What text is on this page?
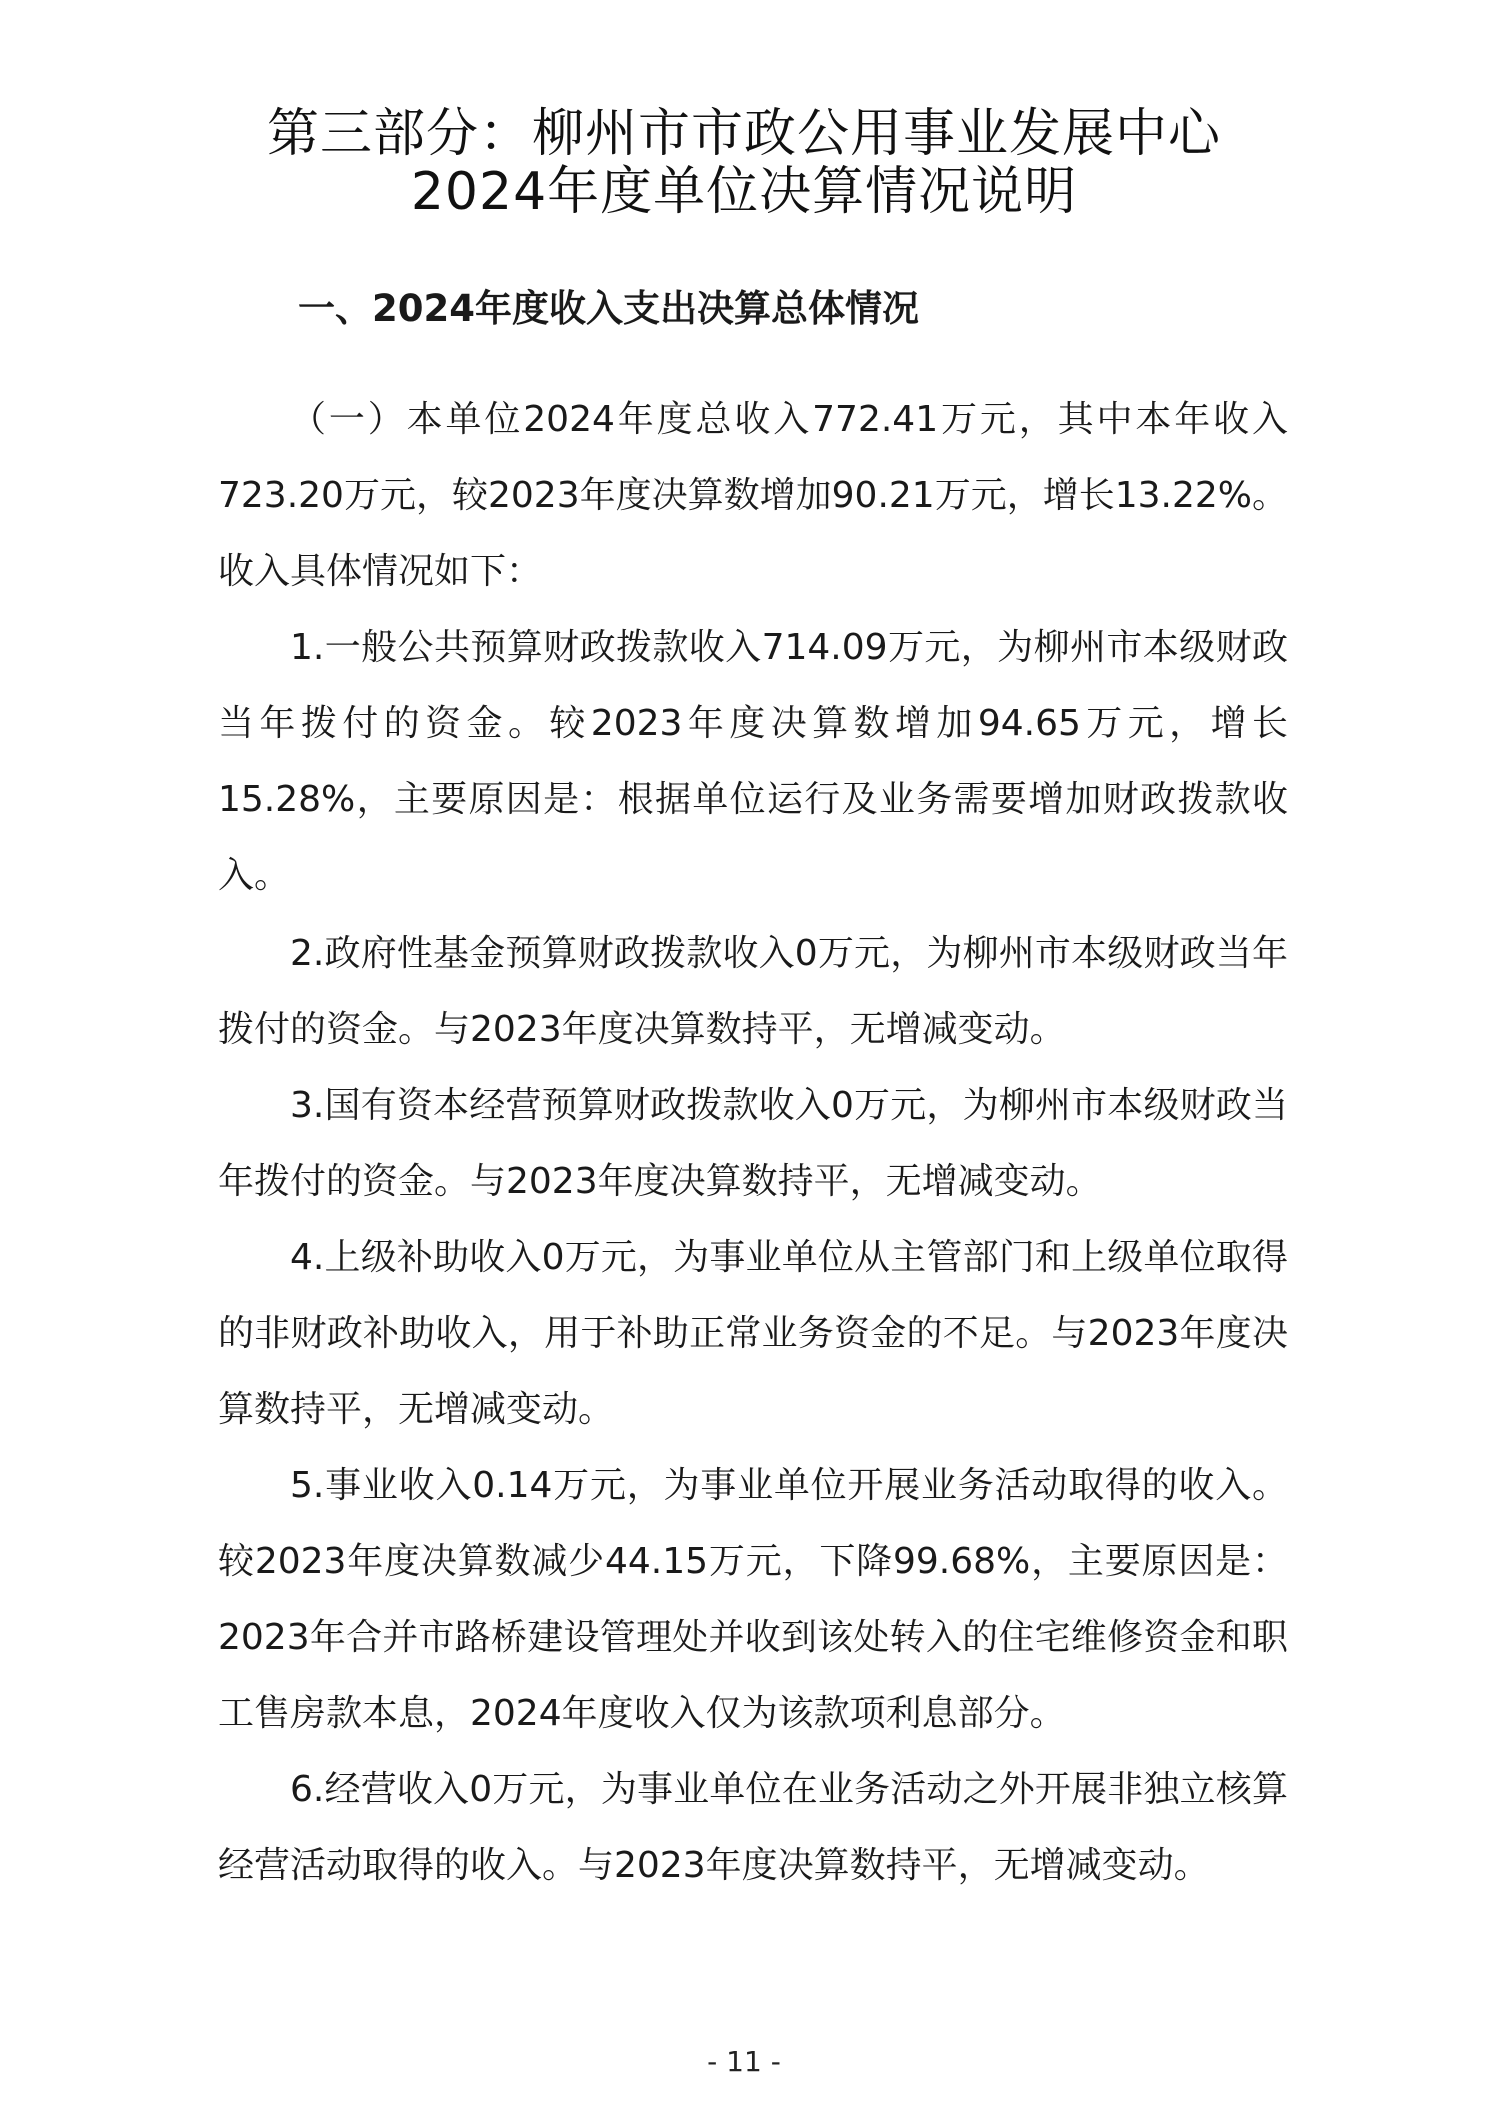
第三部分：柳州市市政公用事业发展中心
2024年度单位决算情况说明
一、2024年度收入支出决算总体情况

（一）本单位2024年度总收入772.41万元，其中本年收入723.20万元，较2023年度决算数增加90.21万元，增长13.22%。收入具体情况如下：

1.一般公共预算财政拨款收入714.09万元，为柳州市本级财政当年拨付的资金。较2023年度决算数增加94.65万元，增长15.28%，主要原因是：根据单位运行及业务需要增加财政拨款收入。

2.政府性基金预算财政拨款收入0万元，为柳州市本级财政当年拨付的资金。与2023年度决算数持平，无增减变动。

3.国有资本经营预算财政拨款收入0万元，为柳州市本级财政当年拨付的资金。与2023年度决算数持平，无增减变动。

4.上级补助收入0万元，为事业单位从主管部门和上级单位取得的非财政补助收入，用于补助正常业务资金的不足。与2023年度决算数持平，无增减变动。

5.事业收入0.14万元，为事业单位开展业务活动取得的收入。较2023年度决算数减少44.15万元，下降99.68%，主要原因是：2023年合并市路桥建设管理处并收到该处转入的住宅维修资金和职工售房款本息，2024年度收入仅为该款项利息部分。

6.经营收入0万元，为事业单位在业务活动之外开展非独立核算经营活动取得的收入。与2023年度决算数持平，无增减变动。

- 11 -
